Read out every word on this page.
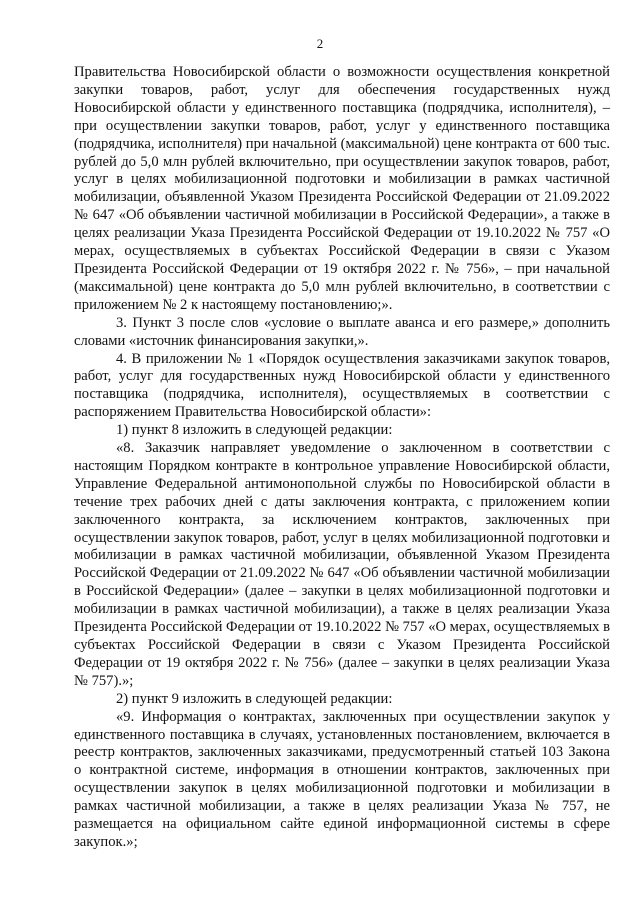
2

Правительства Новосибирской области о возможности осуществления конкретной закупки товаров, работ, услуг для обеспечения государственных нужд Новосибирской области у единственного поставщика (подрядчика, исполнителя), – при осуществлении закупки товаров, работ, услуг у единственного поставщика (подрядчика, исполнителя) при начальной (максимальной) цене контракта от 600 тыс. рублей до 5,0 млн рублей включительно, при осуществлении закупок товаров, работ, услуг в целях мобилизационной подготовки и мобилизации в рамках частичной мобилизации, объявленной Указом Президента Российской Федерации от 21.09.2022 № 647 «Об объявлении частичной мобилизации в Российской Федерации», а также в целях реализации Указа Президента Российской Федерации от 19.10.2022 № 757 «О мерах, осуществляемых в субъектах Российской Федерации в связи с Указом Президента Российской Федерации от 19 октября 2022 г. № 756», – при начальной (максимальной) цене контракта до 5,0 млн рублей включительно, в соответствии с приложением № 2 к настоящему постановлению;».

3. Пункт 3 после слов «условие о выплате аванса и его размере,» дополнить словами «источник финансирования закупки,».

4. В приложении № 1 «Порядок осуществления заказчиками закупок товаров, работ, услуг для государственных нужд Новосибирской области у единственного поставщика (подрядчика, исполнителя), осуществляемых в соответствии с распоряжением Правительства Новосибирской области»:

1) пункт 8 изложить в следующей редакции:

«8. Заказчик направляет уведомление о заключенном в соответствии с настоящим Порядком контракте в контрольное управление Новосибирской области, Управление Федеральной антимонопольной службы по Новосибирской области в течение трех рабочих дней с даты заключения контракта, с приложением копии заключенного контракта, за исключением контрактов, заключенных при осуществлении закупок товаров, работ, услуг в целях мобилизационной подготовки и мобилизации в рамках частичной мобилизации, объявленной Указом Президента Российской Федерации от 21.09.2022 № 647 «Об объявлении частичной мобилизации в Российской Федерации» (далее – закупки в целях мобилизационной подготовки и мобилизации в рамках частичной мобилизации), а также в целях реализации Указа Президента Российской Федерации от 19.10.2022 № 757 «О мерах, осуществляемых в субъектах Российской Федерации в связи с Указом Президента Российской Федерации от 19 октября 2022 г. № 756» (далее – закупки в целях реализации Указа № 757).»;

2) пункт 9 изложить в следующей редакции:

«9. Информация о контрактах, заключенных при осуществлении закупок у единственного поставщика в случаях, установленных постановлением, включается в реестр контрактов, заключенных заказчиками, предусмотренный статьей 103 Закона о контрактной системе, информация в отношении контрактов, заключенных при осуществлении закупок в целях мобилизационной подготовки и мобилизации в рамках частичной мобилизации, а также в целях реализации Указа № 757, не размещается на официальном сайте единой информационной системы в сфере закупок.»;
